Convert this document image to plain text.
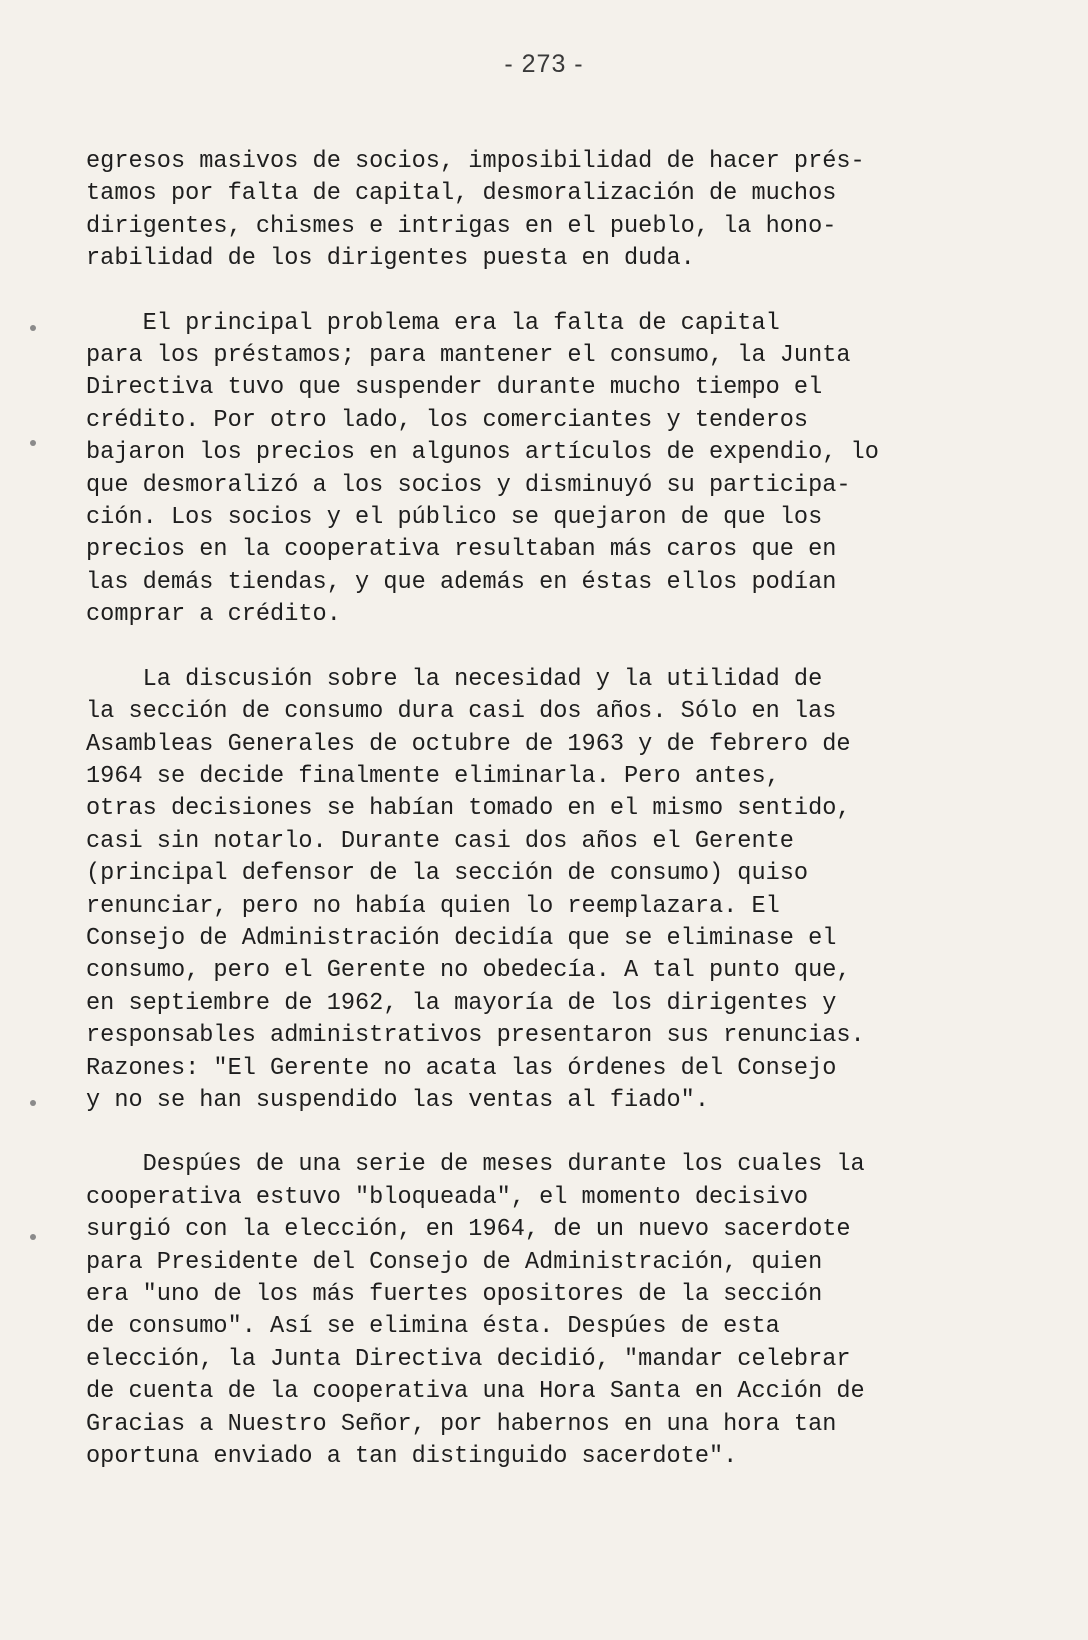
- 273 -

egresos masivos de socios, imposibilidad de hacer prés-
tamos por falta de capital, desmoralización de muchos
dirigentes, chismes e intrigas en el pueblo, la hono-
rabilidad de los dirigentes puesta en duda.

El principal problema era la falta de capital
para los préstamos; para mantener el consumo, la Junta
Directiva tuvo que suspender durante mucho tiempo el
crédito. Por otro lado, los comerciantes y tenderos
bajaron los precios en algunos artículos de expendio, lo
que desmoralizó a los socios y disminuyó su participa-
ción. Los socios y el público se quejaron de que los
precios en la cooperativa resultaban más caros que en
las demás tiendas, y que además en éstas ellos podían
comprar a crédito.

La discusión sobre la necesidad y la utilidad de
la sección de consumo dura casi dos años. Sólo en las
Asambleas Generales de octubre de 1963 y de febrero de
1964 se decide finalmente eliminarla. Pero antes,
otras decisiones se habían tomado en el mismo sentido,
casi sin notarlo. Durante casi dos años el Gerente
(principal defensor de la sección de consumo) quiso
renunciar, pero no había quien lo reemplazara. El
Consejo de Administración decidía que se eliminase el
consumo, pero el Gerente no obedecía. A tal punto que,
en septiembre de 1962, la mayoría de los dirigentes y
responsables administrativos presentaron sus renuncias.
Razones: "El Gerente no acata las órdenes del Consejo
y no se han suspendido las ventas al fiado".

Despúes de una serie de meses durante los cuales la
cooperativa estuvo "bloqueada", el momento decisivo
surgió con la elección, en 1964, de un nuevo sacerdote
para Presidente del Consejo de Administración, quien
era "uno de los más fuertes opositores de la sección
de consumo". Así se elimina ésta. Despúes de esta
elección, la Junta Directiva decidió, "mandar celebrar
de cuenta de la cooperativa una Hora Santa en Acción de
Gracias a Nuestro Señor, por habernos en una hora tan
oportuna enviado a tan distinguido sacerdote".
